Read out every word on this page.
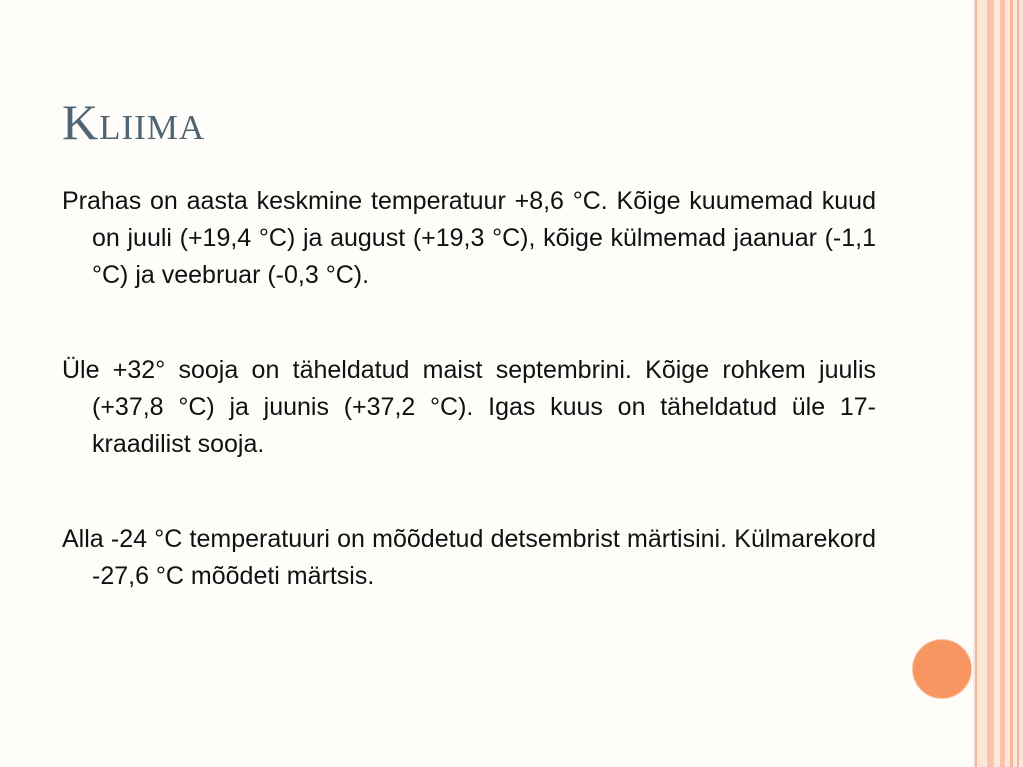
Kliima

Prahas on aasta keskmine temperatuur +8,6 °C. Kõige kuumemad kuud on juuli (+19,4 °C) ja august (+19,3 °C), kõige külmemad jaanuar (-1,1 °C) ja veebruar (-0,3 °C).

Üle +32° sooja on täheldatud maist septembrini. Kõige rohkem juulis (+37,8 °C) ja juunis (+37,2 °C). Igas kuus on täheldatud üle 17-kraadilist sooja.

Alla -24 °C temperatuuri on mõõdetud detsembrist märtisini. Külmarekord -27,6 °C mõõdeti märtsis.
